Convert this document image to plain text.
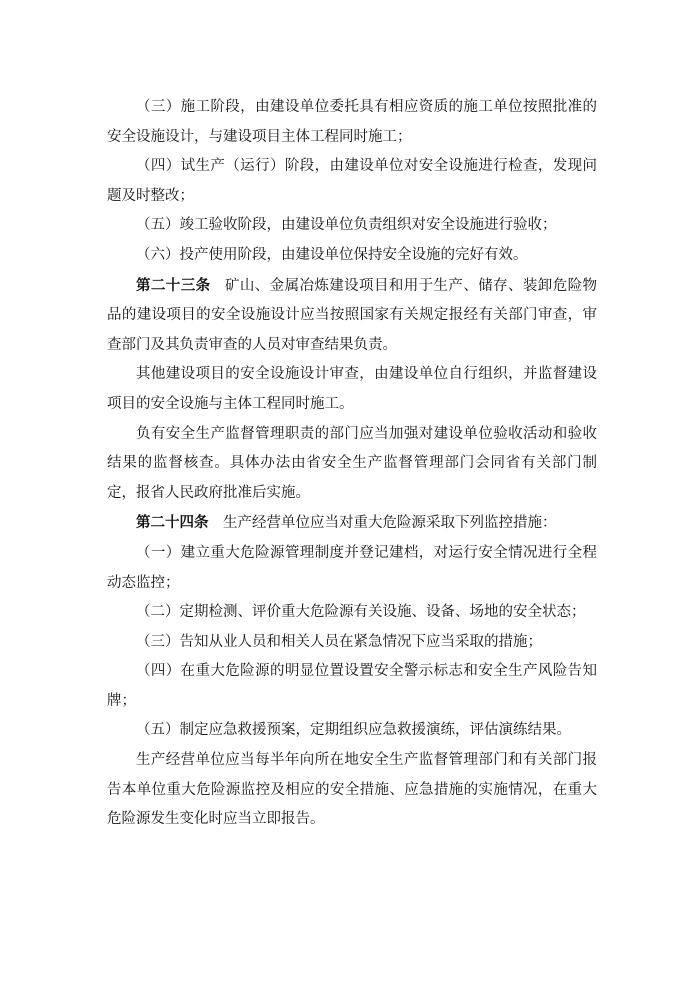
（三）施工阶段，由建设单位委托具有相应资质的施工单位按照批准的安全设施设计，与建设项目主体工程同时施工；

（四）试生产（运行）阶段，由建设单位对安全设施进行检查，发现问题及时整改；

（五）竣工验收阶段，由建设单位负责组织对安全设施进行验收；

（六）投产使用阶段，由建设单位保持安全设施的完好有效。

第二十三条 矿山、金属冶炼建设项目和用于生产、储存、装卸危险物品的建设项目的安全设施设计应当按照国家有关规定报经有关部门审查，审查部门及其负责审查的人员对审查结果负责。

其他建设项目的安全设施设计审查，由建设单位自行组织，并监督建设项目的安全设施与主体工程同时施工。

负有安全生产监督管理职责的部门应当加强对建设单位验收活动和验收结果的监督核查。具体办法由省安全生产监督管理部门会同省有关部门制定，报省人民政府批准后实施。

第二十四条 生产经营单位应当对重大危险源采取下列监控措施：

（一）建立重大危险源管理制度并登记建档，对运行安全情况进行全程动态监控；

（二）定期检测、评价重大危险源有关设施、设备、场地的安全状态；

（三）告知从业人员和相关人员在紧急情况下应当采取的措施；

（四）在重大危险源的明显位置设置安全警示标志和安全生产风险告知牌；

（五）制定应急救援预案，定期组织应急救援演练，评估演练结果。

生产经营单位应当每半年向所在地安全生产监督管理部门和有关部门报告本单位重大危险源监控及相应的安全措施、应急措施的实施情况，在重大危险源发生变化时应当立即报告。
